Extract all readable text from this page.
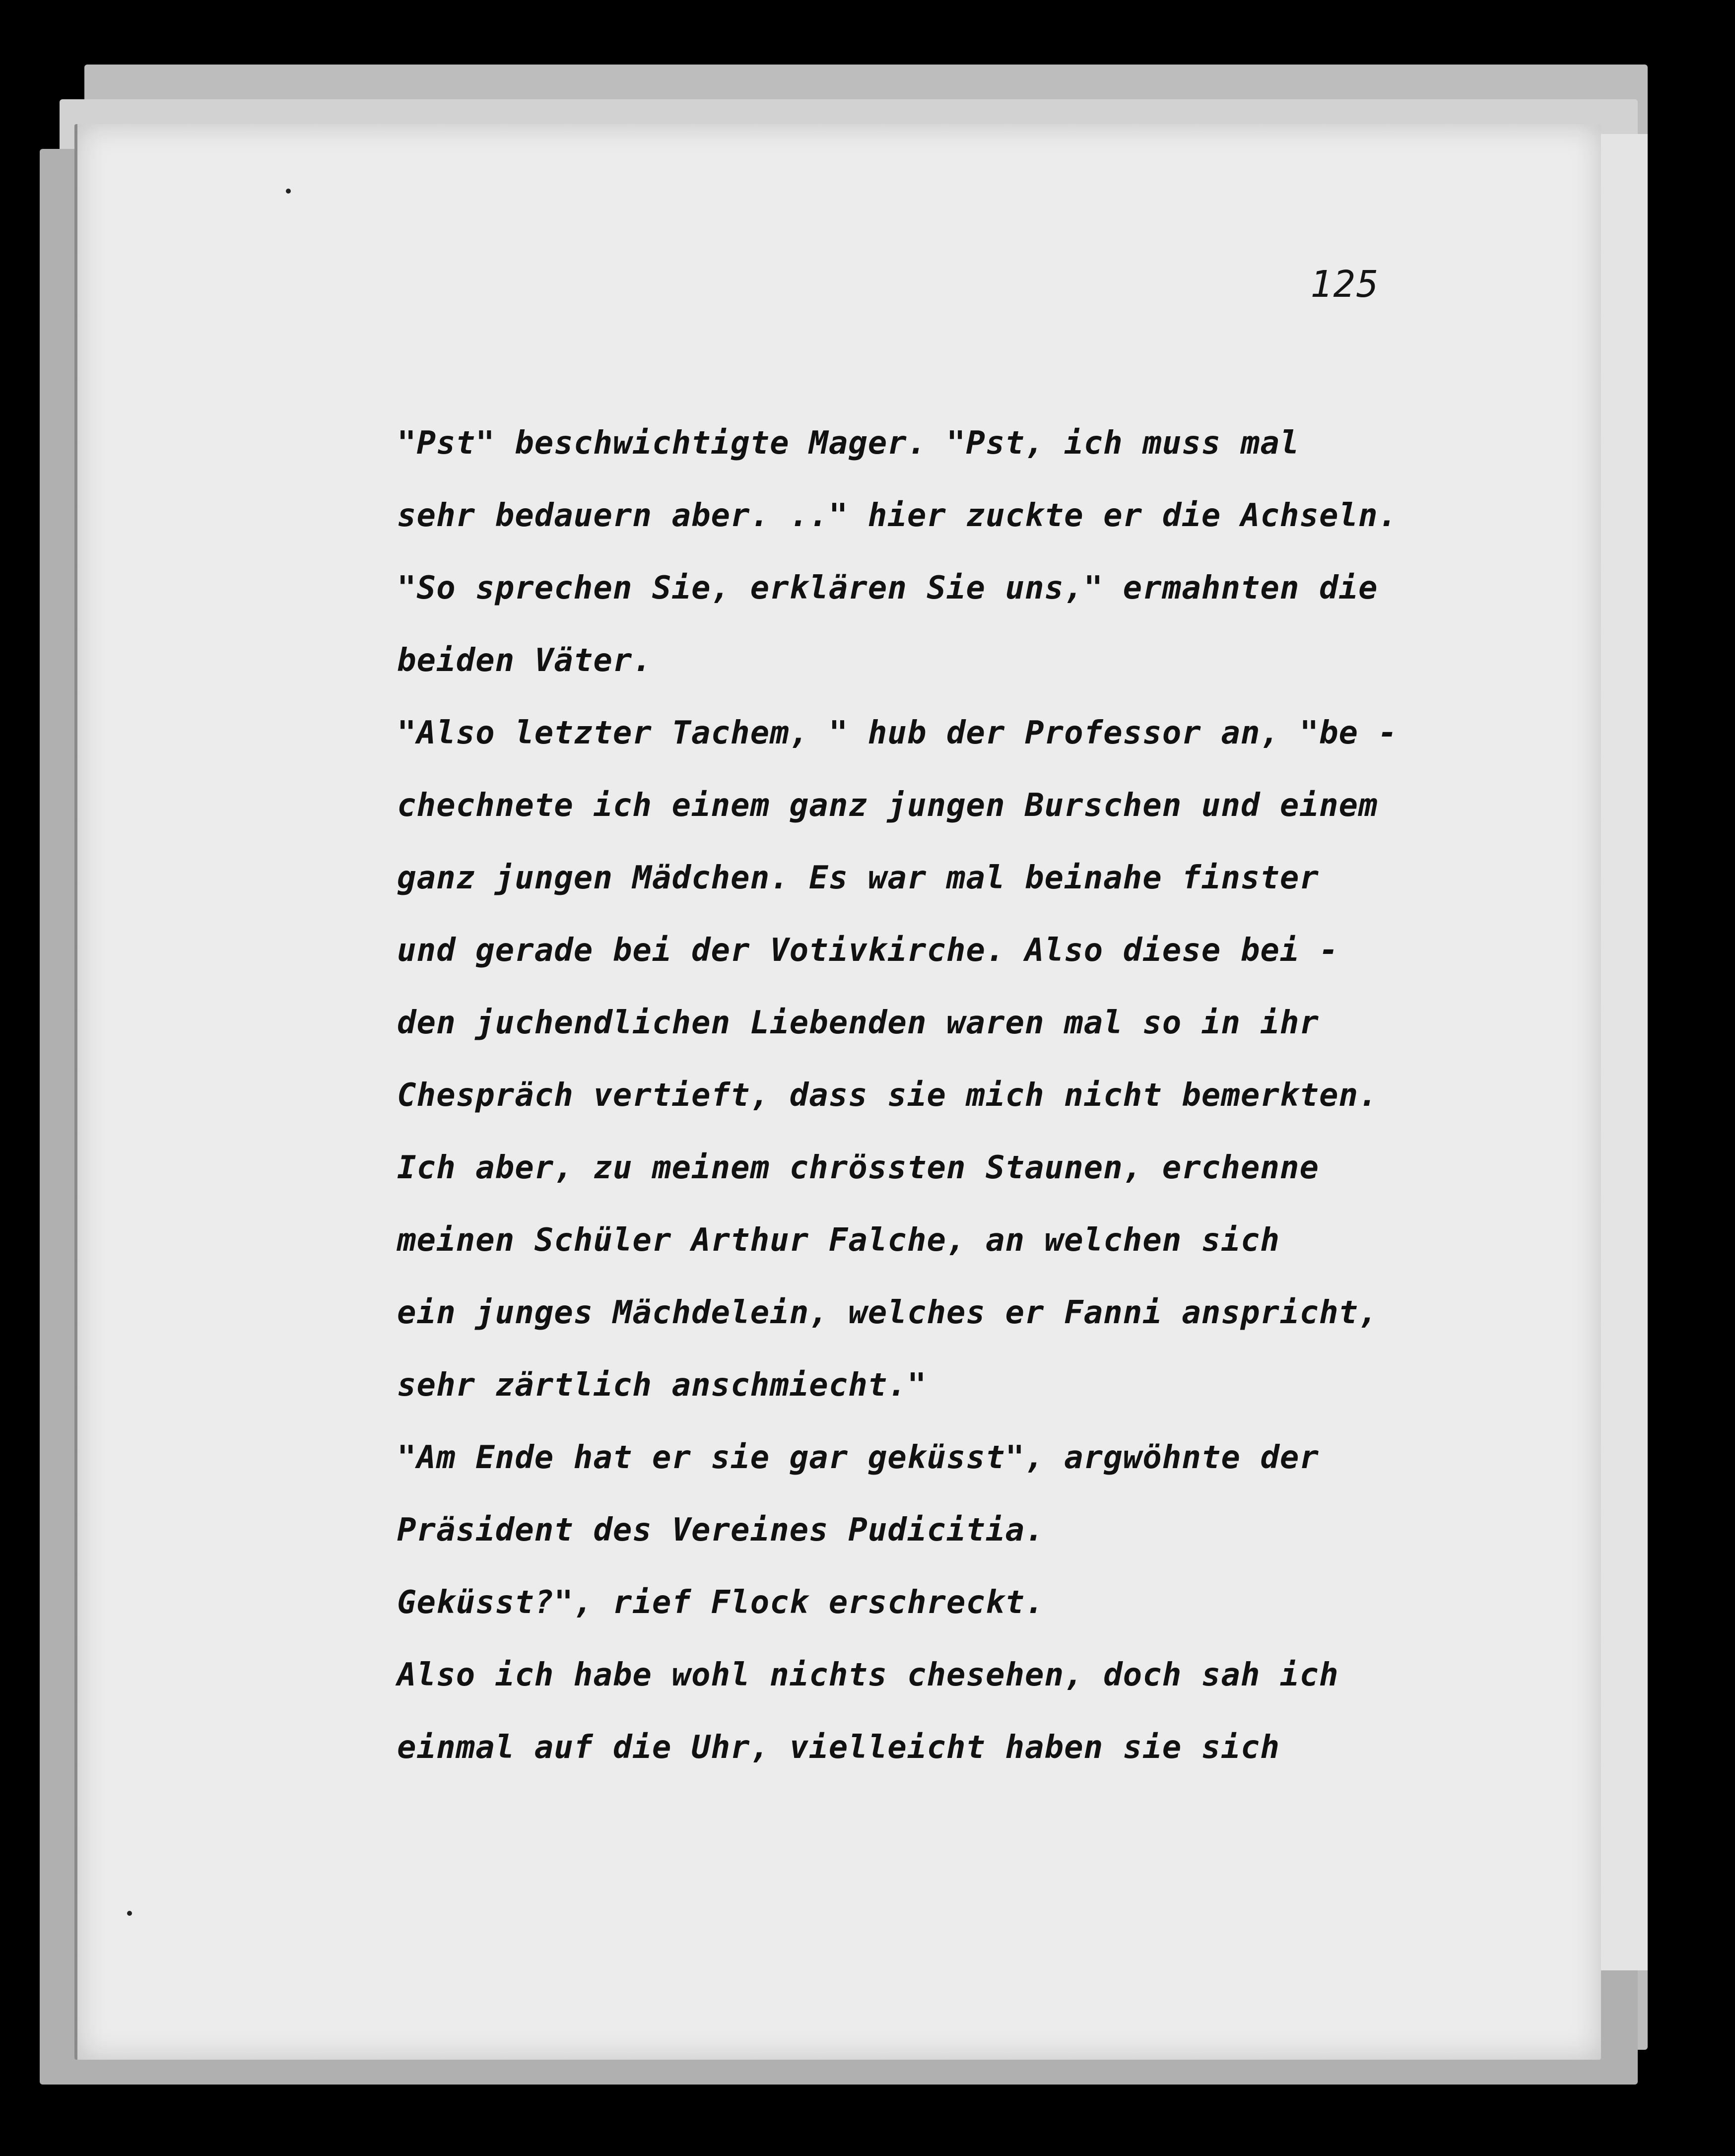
125
"Pst" beschwichtigte Mager. "Pst, ich muss mal
sehr bedauern aber. .." hier zuckte er die Achseln.
"So sprechen Sie, erklären Sie uns," ermahnten die
beiden Väter.
"Also letzter Tachem, " hub der Professor an, "be -
chechnete ich einem ganz jungen Burschen und einem
ganz jungen Mädchen. Es war mal beinahe finster
und gerade bei der Votivkirche. Also diese bei -
den juchendlichen Liebenden waren mal so in ihr
Chespräch vertieft, dass sie mich nicht bemerkten.
Ich aber, zu meinem chrössten Staunen, erchenne
meinen Schüler Arthur Falche, an welchen sich
ein junges Mächdelein, welches er Fanni anspricht,
sehr zärtlich anschmiecht."
"Am Ende hat er sie gar geküsst", argwöhnte der
Präsident des Vereines Pudicitia.
Geküsst?", rief Flock erschreckt.
Also ich habe wohl nichts chesehen, doch sah ich
einmal auf die Uhr, vielleicht haben sie sich
